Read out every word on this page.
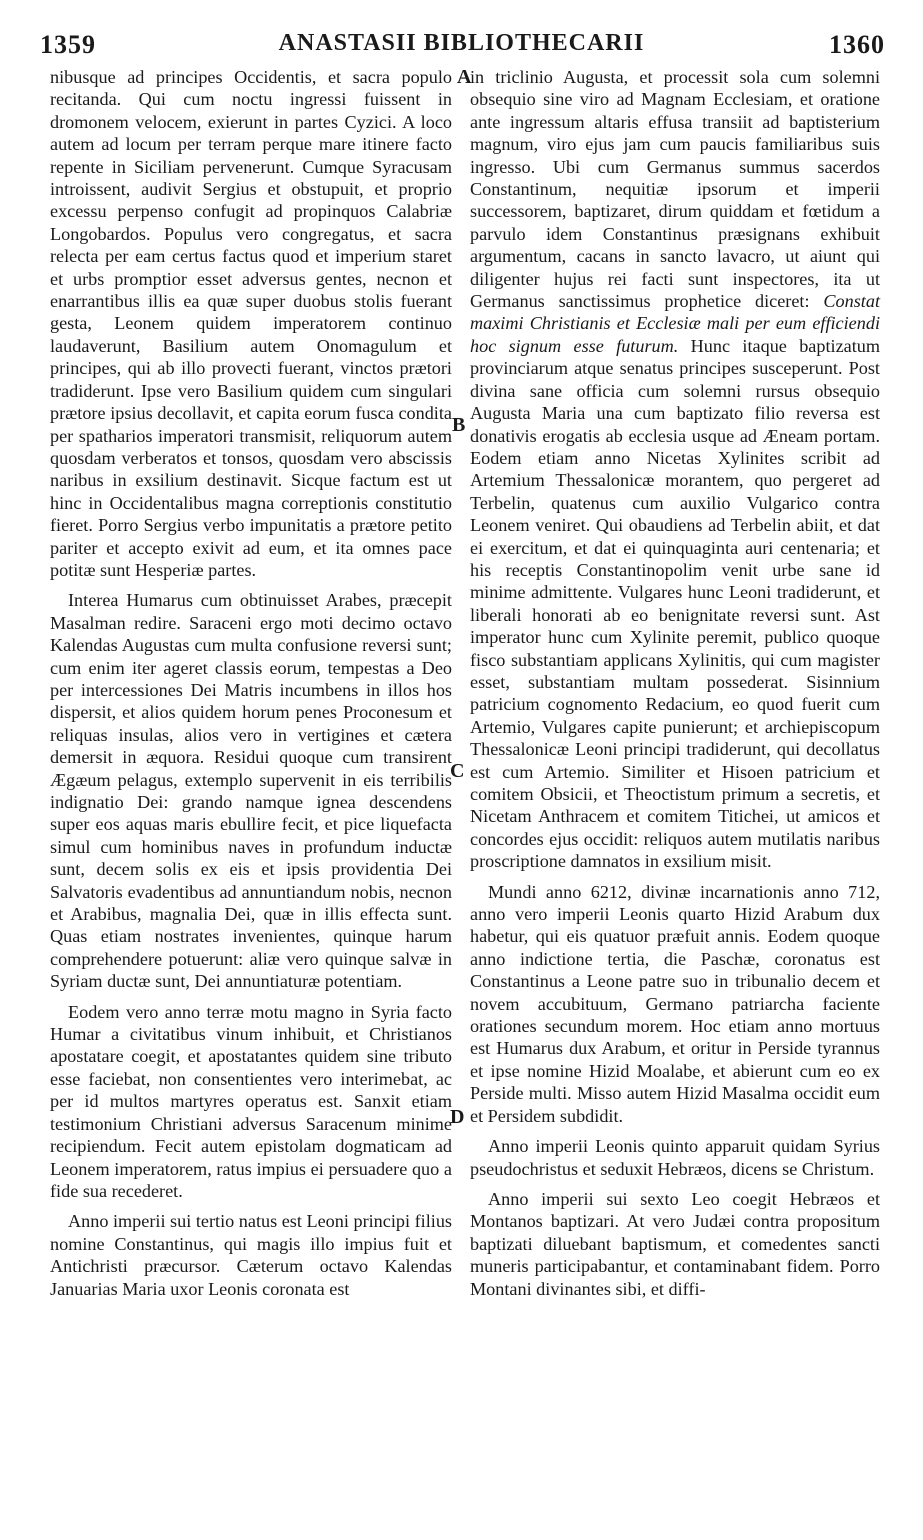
1359	ANASTASII BIBLIOTHECARII	1360
A
B
C
D

nibusque ad principes Occidentis, et sacra populo recitanda. Qui cum noctu ingressi fuissent in dromonem velocem, exierunt in partes Cyzici. A loco autem ad locum per terram perque mare itinere facto repente in Siciliam pervenerunt. Cumque Syracusam introissent, audivit Sergius et obstupuit, et proprio excessu perpenso confugit ad propinquos Calabriæ Longobardos. Populus vero congregatus, et sacra relecta per eam certus factus quod et imperium staret et urbs promptior esset adversus gentes, necnon et enarrantibus illis ea quæ super duobus stolis fuerant gesta, Leonem quidem imperatorem continuo laudaverunt, Basilium autem Onomagulum et principes, qui ab illo provecti fuerant, vinctos prætori tradiderunt. Ipse vero Basilium quidem cum singulari prætore ipsius decollavit, et capita eorum fusca condita per spatharios imperatori transmisit, reliquorum autem quosdam verberatos et tonsos, quosdam vero abscissis naribus in exsilium destinavit. Sicque factum est ut hinc in Occidentalibus magna correptionis constitutio fieret. Porro Sergius verbo impunitatis a prætore petito pariter et accepto exivit ad eum, et ita omnes pace potitæ sunt Hesperiæ partes.

Interea Humarus cum obtinuisset Arabes, præcepit Masalman redire. Saraceni ergo moti decimo octavo Kalendas Augustas cum multa confusione reversi sunt; cum enim iter ageret classis eorum, tempestas a Deo per intercessiones Dei Matris incumbens in illos hos dispersit, et alios quidem horum penes Proconesum et reliquas insulas, alios vero in vertigines et cætera demersit in æquora. Residui quoque cum transirent Ægæum pelagus, extemplo supervenit in eis terribilis indignatio Dei: grando namque ignea descendens super eos aquas maris ebullire fecit, et pice liquefacta simul cum hominibus naves in profundum inductæ sunt, decem solis ex eis et ipsis providentia Dei Salvatoris evadentibus ad annuntiandum nobis, necnon et Arabibus, magnalia Dei, quæ in illis effecta sunt. Quas etiam nostrates invenientes, quinque harum comprehendere potuerunt: aliæ vero quinque salvæ in Syriam ductæ sunt, Dei annuntiaturæ potentiam.

Eodem vero anno terræ motu magno in Syria facto Humar a civitatibus vinum inhibuit, et Christianos apostatare coegit, et apostatantes quidem sine tributo esse faciebat, non consentientes vero interimebat, ac per id multos martyres operatus est. Sanxit etiam testimonium Christiani adversus Saracenum minime recipiendum. Fecit autem epistolam dogmaticam ad Leonem imperatorem, ratus impius ei persuadere quo a fide sua recederet.

Anno imperii sui tertio natus est Leoni principi filius nomine Constantinus, qui magis illo impius fuit et Antichristi præcursor. Cæterum octavo Kalendas Januarias Maria uxor Leonis coronata est

in triclinio Augusta, et processit sola cum solemni obsequio sine viro ad Magnam Ecclesiam, et oratione ante ingressum altaris effusa transiit ad baptisterium magnum, viro ejus jam cum paucis familiaribus suis ingresso. Ubi cum Germanus summus sacerdos Constantinum, nequitiæ ipsorum et imperii successorem, baptizaret, dirum quiddam et fœtidum a parvulo idem Constantinus præsignans exhibuit argumentum, cacans in sancto lavacro, ut aiunt qui diligenter hujus rei facti sunt inspectores, ita ut Germanus sanctissimus prophetice diceret: Constat maximi Christianis et Ecclesiæ mali per eum efficiendi hoc signum esse futurum. Hunc itaque baptizatum provinciarum atque senatus principes susceperunt. Post divina sane officia cum solemni rursus obsequio Augusta Maria una cum baptizato filio reversa est donativis erogatis ab ecclesia usque ad Æneam portam. Eodem etiam anno Nicetas Xylinites scribit ad Artemium Thessalonicæ morantem, quo pergeret ad Terbelin, quatenus cum auxilio Vulgarico contra Leonem veniret. Qui obaudiens ad Terbelin abiit, et dat ei exercitum, et dat ei quinquaginta auri centenaria; et his receptis Constantinopolim venit urbe sane id minime admittente. Vulgares hunc Leoni tradiderunt, et liberali honorati ab eo benignitate reversi sunt. Ast imperator hunc cum Xylinite peremit, publico quoque fisco substantiam applicans Xylinitis, qui cum magister esset, substantiam multam possederat. Sisinnium patricium cognomento Redacium, eo quod fuerit cum Artemio, Vulgares capite punierunt; et archiepiscopum Thessalonicæ Leoni principi tradiderunt, qui decollatus est cum Artemio. Similiter et Hisoen patricium et comitem Obsicii, et Theoctistum primum a secretis, et Nicetam Anthracem et comitem Titichei, ut amicos et concordes ejus occidit: reliquos autem mutilatis naribus proscriptione damnatos in exsilium misit.

Mundi anno 6212, divinæ incarnationis anno 712, anno vero imperii Leonis quarto Hizid Arabum dux habetur, qui eis quatuor præfuit annis. Eodem quoque anno indictione tertia, die Paschæ, coronatus est Constantinus a Leone patre suo in tribunalio decem et novem accubituum, Germano patriarcha faciente orationes secundum morem. Hoc etiam anno mortuus est Humarus dux Arabum, et oritur in Perside tyrannus et ipse nomine Hizid Moalabe, et abierunt cum eo ex Perside multi. Misso autem Hizid Masalma occidit eum et Persidem subdidit.

Anno imperii Leonis quinto apparuit quidam Syrius pseudochristus et seduxit Hebræos, dicens se Christum.

Anno imperii sui sexto Leo coegit Hebræos et Montanos baptizari. At vero Judæi contra propositum baptizati diluebant baptismum, et comedentes sancti muneris participabantur, et contaminabant fidem. Porro Montani divinantes sibi, et diffi-
